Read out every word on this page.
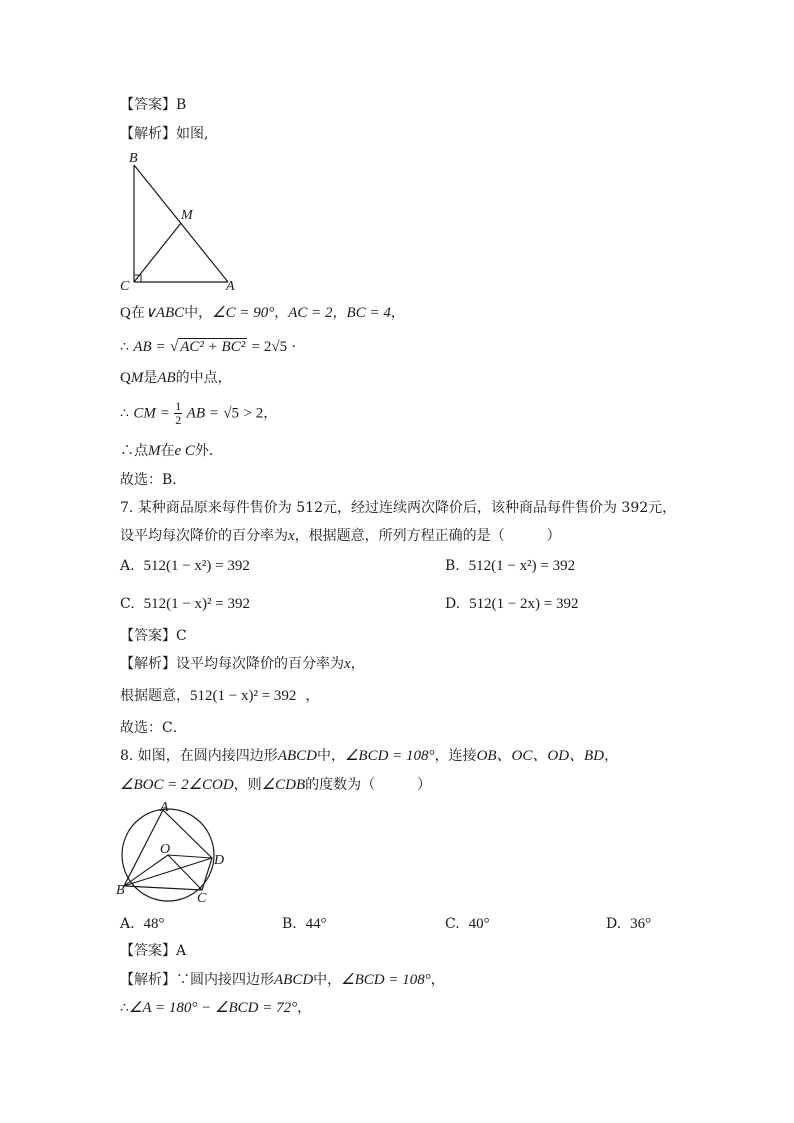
【答案】B
【解析】如图,
B
M
C	A
Q在∨ABC中，∠C = 90°，AC = 2，BC = 4，
∴ AB = √ AC² + BC² = 2√5 ·
QM是AB的中点，
∴ CM = $\frac{1}{2}$ AB = √5 > 2，
∴点M在e C外．
故选：B．
7. 某种商品原来每件售价为 512元，经过连续两次降价后，该种商品每件售价为 392元，
设平均每次降价的百分率为x，根据题意，所列方程正确的是（　　　）
A. 512(1 − x²) = 392	B. 512(1 − x²) = 392
C. 512(1 − x)² = 392	D. 512(1 − 2x) = 392
【答案】C
【解析】设平均每次降价的百分率为x，
根据题意，512(1 − x)² = 392 ，
故选：C．
8. 如图，在圆内接四边形ABCD中，∠BCD = 108°，连接OB、OC、OD、BD，
∠BOC = 2∠COD，则∠CDB的度数为（　　　）
A
O
D
B
C
A. 48°	B. 44°	C. 40°	D. 36°
【答案】A
【解析】∵圆内接四边形ABCD中，∠BCD = 108°，
∴∠A = 180° − ∠BCD = 72°，
